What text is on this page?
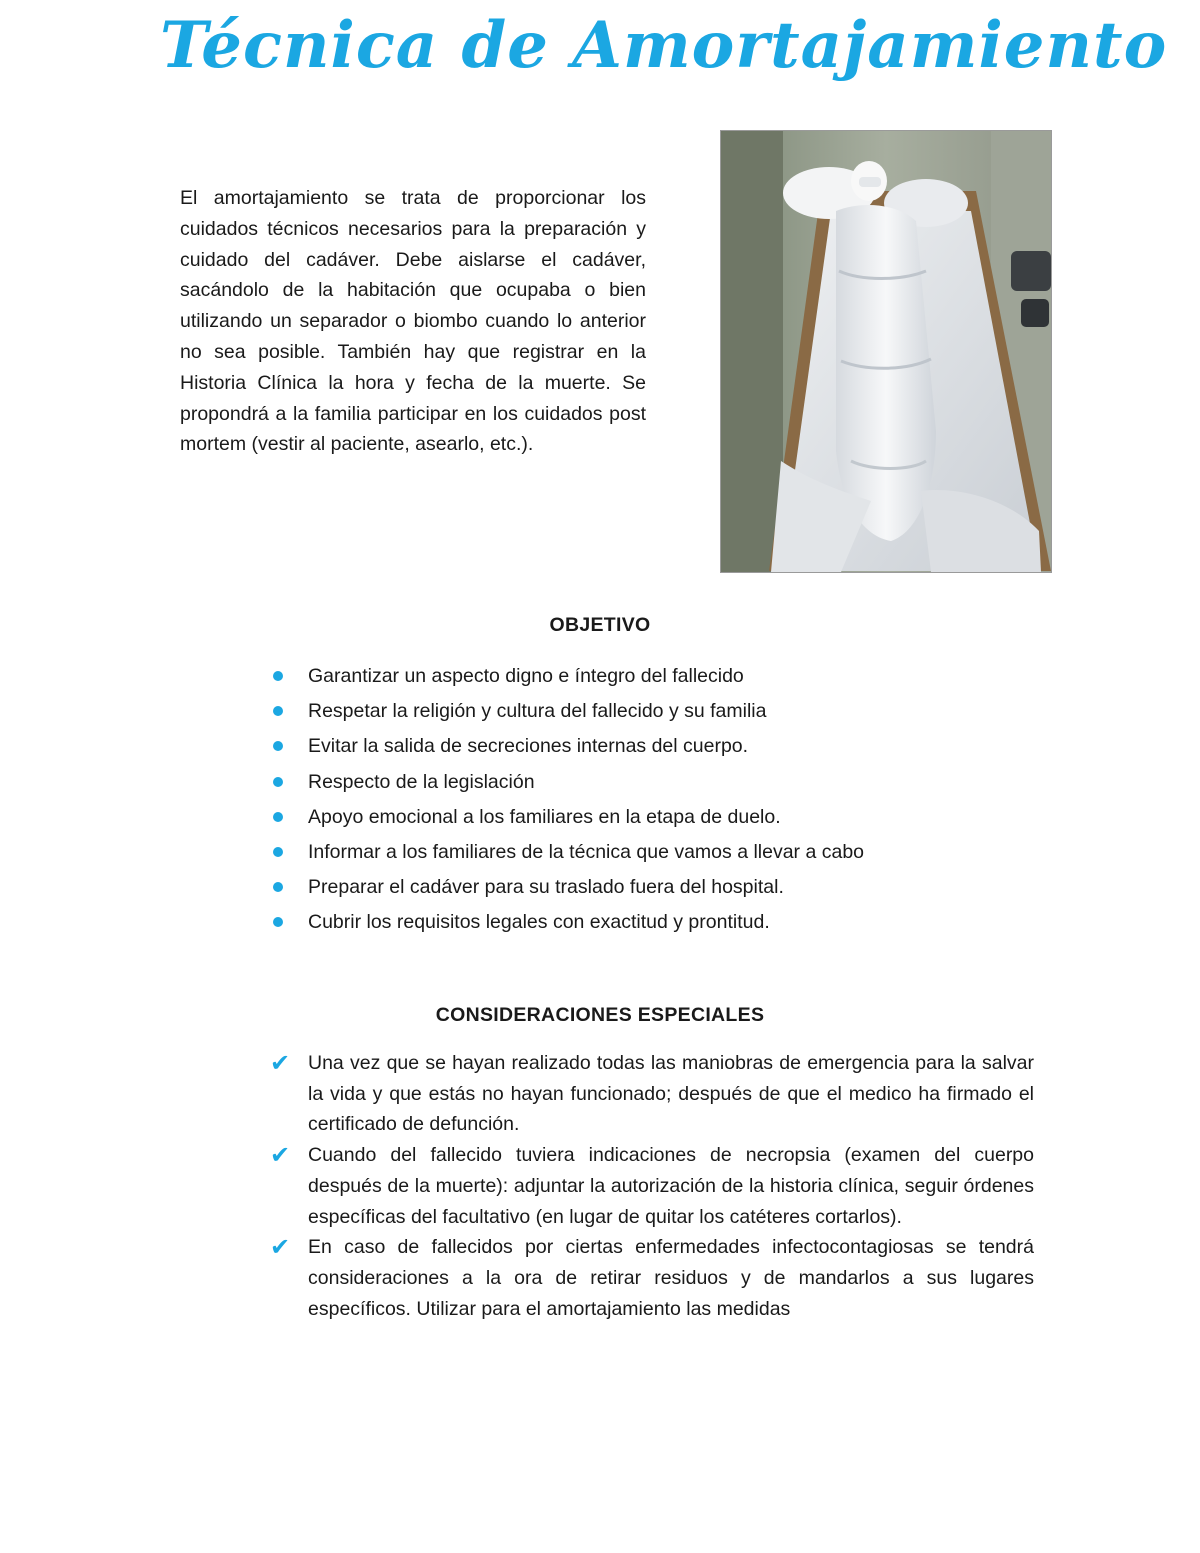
Técnica de Amortajamiento
El amortajamiento se trata de proporcionar los cuidados técnicos necesarios para la preparación y cuidado del cadáver. Debe aislarse el cadáver, sacándolo de la habitación que ocupaba o bien utilizando un separador o biombo cuando lo anterior no sea posible. También hay que registrar en la Historia Clínica la hora y fecha de la muerte. Se propondrá a la familia participar en los cuidados post mortem (vestir al paciente, asearlo, etc.).
OBJETIVO
Garantizar un aspecto digno e íntegro del fallecido
Respetar la religión y cultura del fallecido y su familia
Evitar la salida de secreciones internas del cuerpo.
Respecto de la legislación
Apoyo emocional a los familiares en la etapa de duelo.
Informar a los familiares de la técnica que vamos a llevar a cabo
Preparar el cadáver para su traslado fuera del hospital.
Cubrir los requisitos legales con exactitud y prontitud.
CONSIDERACIONES ESPECIALES
✔ Una vez que se hayan realizado todas las maniobras de emergencia para la salvar la vida y que estás no hayan funcionado; después de que el medico ha firmado el certificado de defunción.
✔ Cuando del fallecido tuviera indicaciones de necropsia (examen del cuerpo después de la muerte): adjuntar la autorización de la historia clínica, seguir órdenes específicas del facultativo (en lugar de quitar los catéteres cortarlos).
✔ En caso de fallecidos por ciertas enfermedades infectocontagiosas se tendrá consideraciones a la ora de retirar residuos y de mandarlos a sus lugares específicos. Utilizar para el amortajamiento las medidas
